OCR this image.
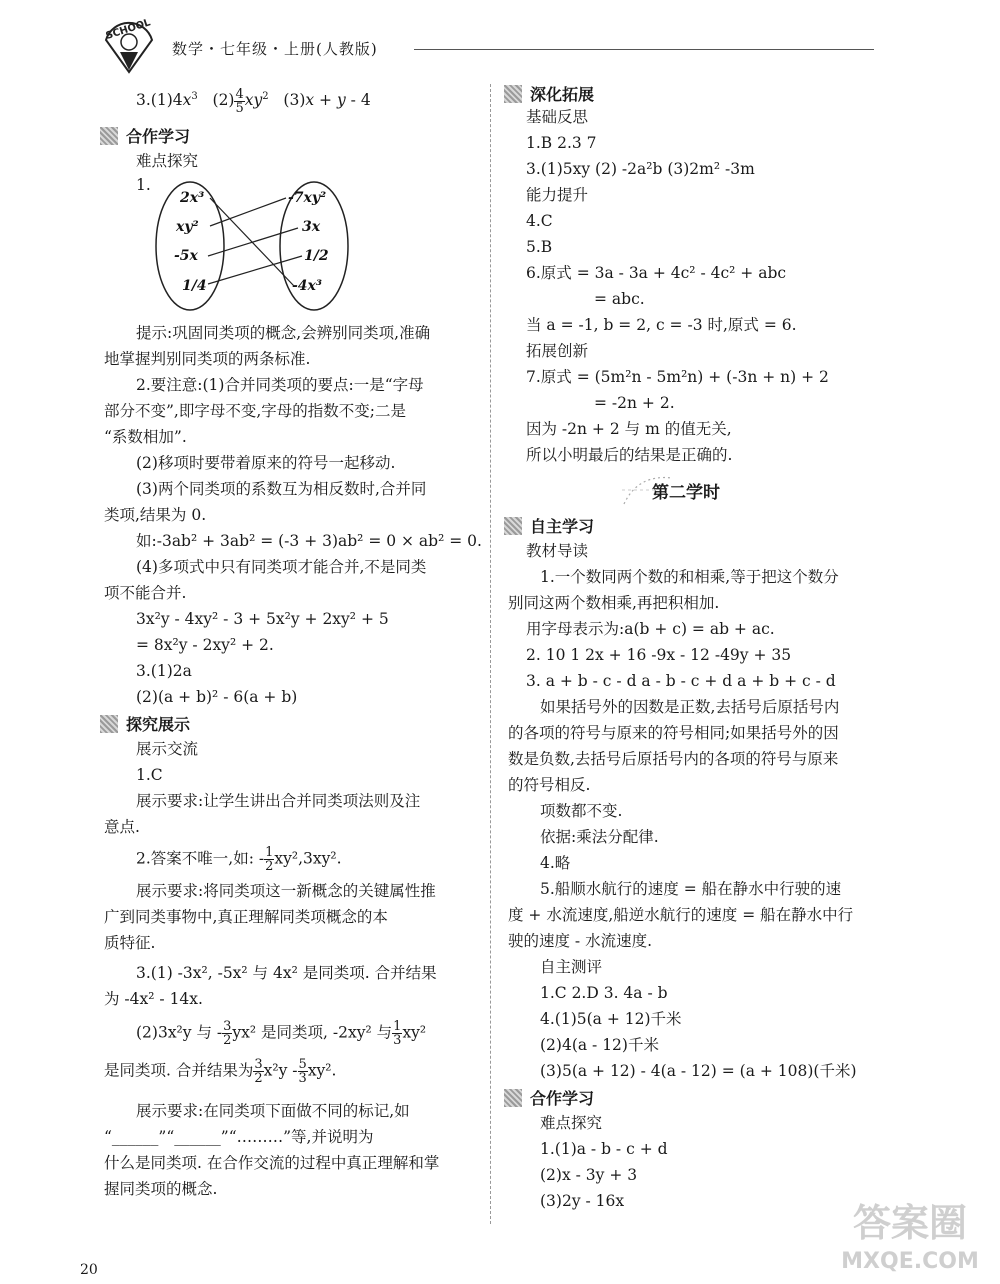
SCHOOL
数学・七年级・上册(人教版)
$3.(1)4x^3$ $(2) \frac{4}{5} xy^2$ (3)x + y - 4
合作学习
难点探究
1.
2x³
xy²
-5x
1/4
-7xy²
3x
1/2
-4x³
提示:巩固同类项的概念,会辨别同类项,准确
地掌握判别同类项的两条标准.
2.要注意:(1)合并同类项的要点:一是“字母
部分不变”,即字母不变,字母的指数不变;二是
“系数相加”.
(2)移项时要带着原来的符号一起移动.
(3)两个同类项的系数互为相反数时,合并同
类项,结果为 0.
如:-3ab² + 3ab² = (-3 + 3)ab² = 0 × ab² = 0.
(4)多项式中只有同类项才能合并,不是同类
项不能合并.
3x²y - 4xy² - 3 + 5x²y + 2xy² + 5
= 8x²y - 2xy² + 2.
3.(1)2a
(2)(a + b)² - 6(a + b)
探究展示
展示交流
1.C
展示要求:让学生讲出合并同类项法则及注
意点.
2.答案不唯一,如: - $\frac{1}{2} xy^2,3xy^2$.
展示要求:将同类项这一新概念的关键属性推
广到同类事物中,真正理解同类项概念的本
质特征.
3.(1) -3x², -5x² 与 4x² 是同类项. 合并结果
为 -4x² - 14x.
(2)3x²y 与 - $\frac{3}{2} yx^2$ 是同类项, -2xy² 与 $\frac{1}{3} xy^2$
是同类项. 合并结果为 $\frac{3}{2} x^2y - \frac{5}{3} xy^2$.
展示要求:在同类项下面做不同的标记,如
“______”“______”“………”等,并说明为
什么是同类项. 在合作交流的过程中真正理解和掌
握同类项的概念.
深化拓展
基础反思
1.B 2.3 7
3.(1)5xy (2) -2a²b (3)2m² -3m
能力提升
4.C
5.B
6.原式 = 3a - 3a + 4c² - 4c² + abc
= abc.
当 a = -1, b = 2, c = -3 时,原式 = 6.
拓展创新
7.原式 = (5m²n - 5m²n) + (-3n + n) + 2
= -2n + 2.
因为 -2n + 2 与 m 的值无关,
所以小明最后的结果是正确的.
第二学时
自主学习
教材导读
1.一个数同两个数的和相乘,等于把这个数分
别同这两个数相乘,再把积相加.
用字母表示为:a(b + c) = ab + ac.
2. 10 1 2x + 16 -9x - 12 -49y + 35
3. a + b - c - d a - b - c + d a + b + c - d
如果括号外的因数是正数,去括号后原括号内
的各项的符号与原来的符号相同;如果括号外的因
数是负数,去括号后原括号内的各项的符号与原来
的符号相反.
项数都不变.
依据:乘法分配律.
4.略
5.船顺水航行的速度 = 船在静水中行驶的速
度 + 水流速度,船逆水航行的速度 = 船在静水中行
驶的速度 - 水流速度.
自主测评
1.C 2.D 3. 4a - b
4.(1)5(a + 12)千米
(2)4(a - 12)千米
(3)5(a + 12) - 4(a - 12) = (a + 108)(千米)
合作学习
难点探究
1.(1)a - b - c + d
(2)x - 3y + 3
(3)2y - 16x
20
答案圈
MXQE.COM
